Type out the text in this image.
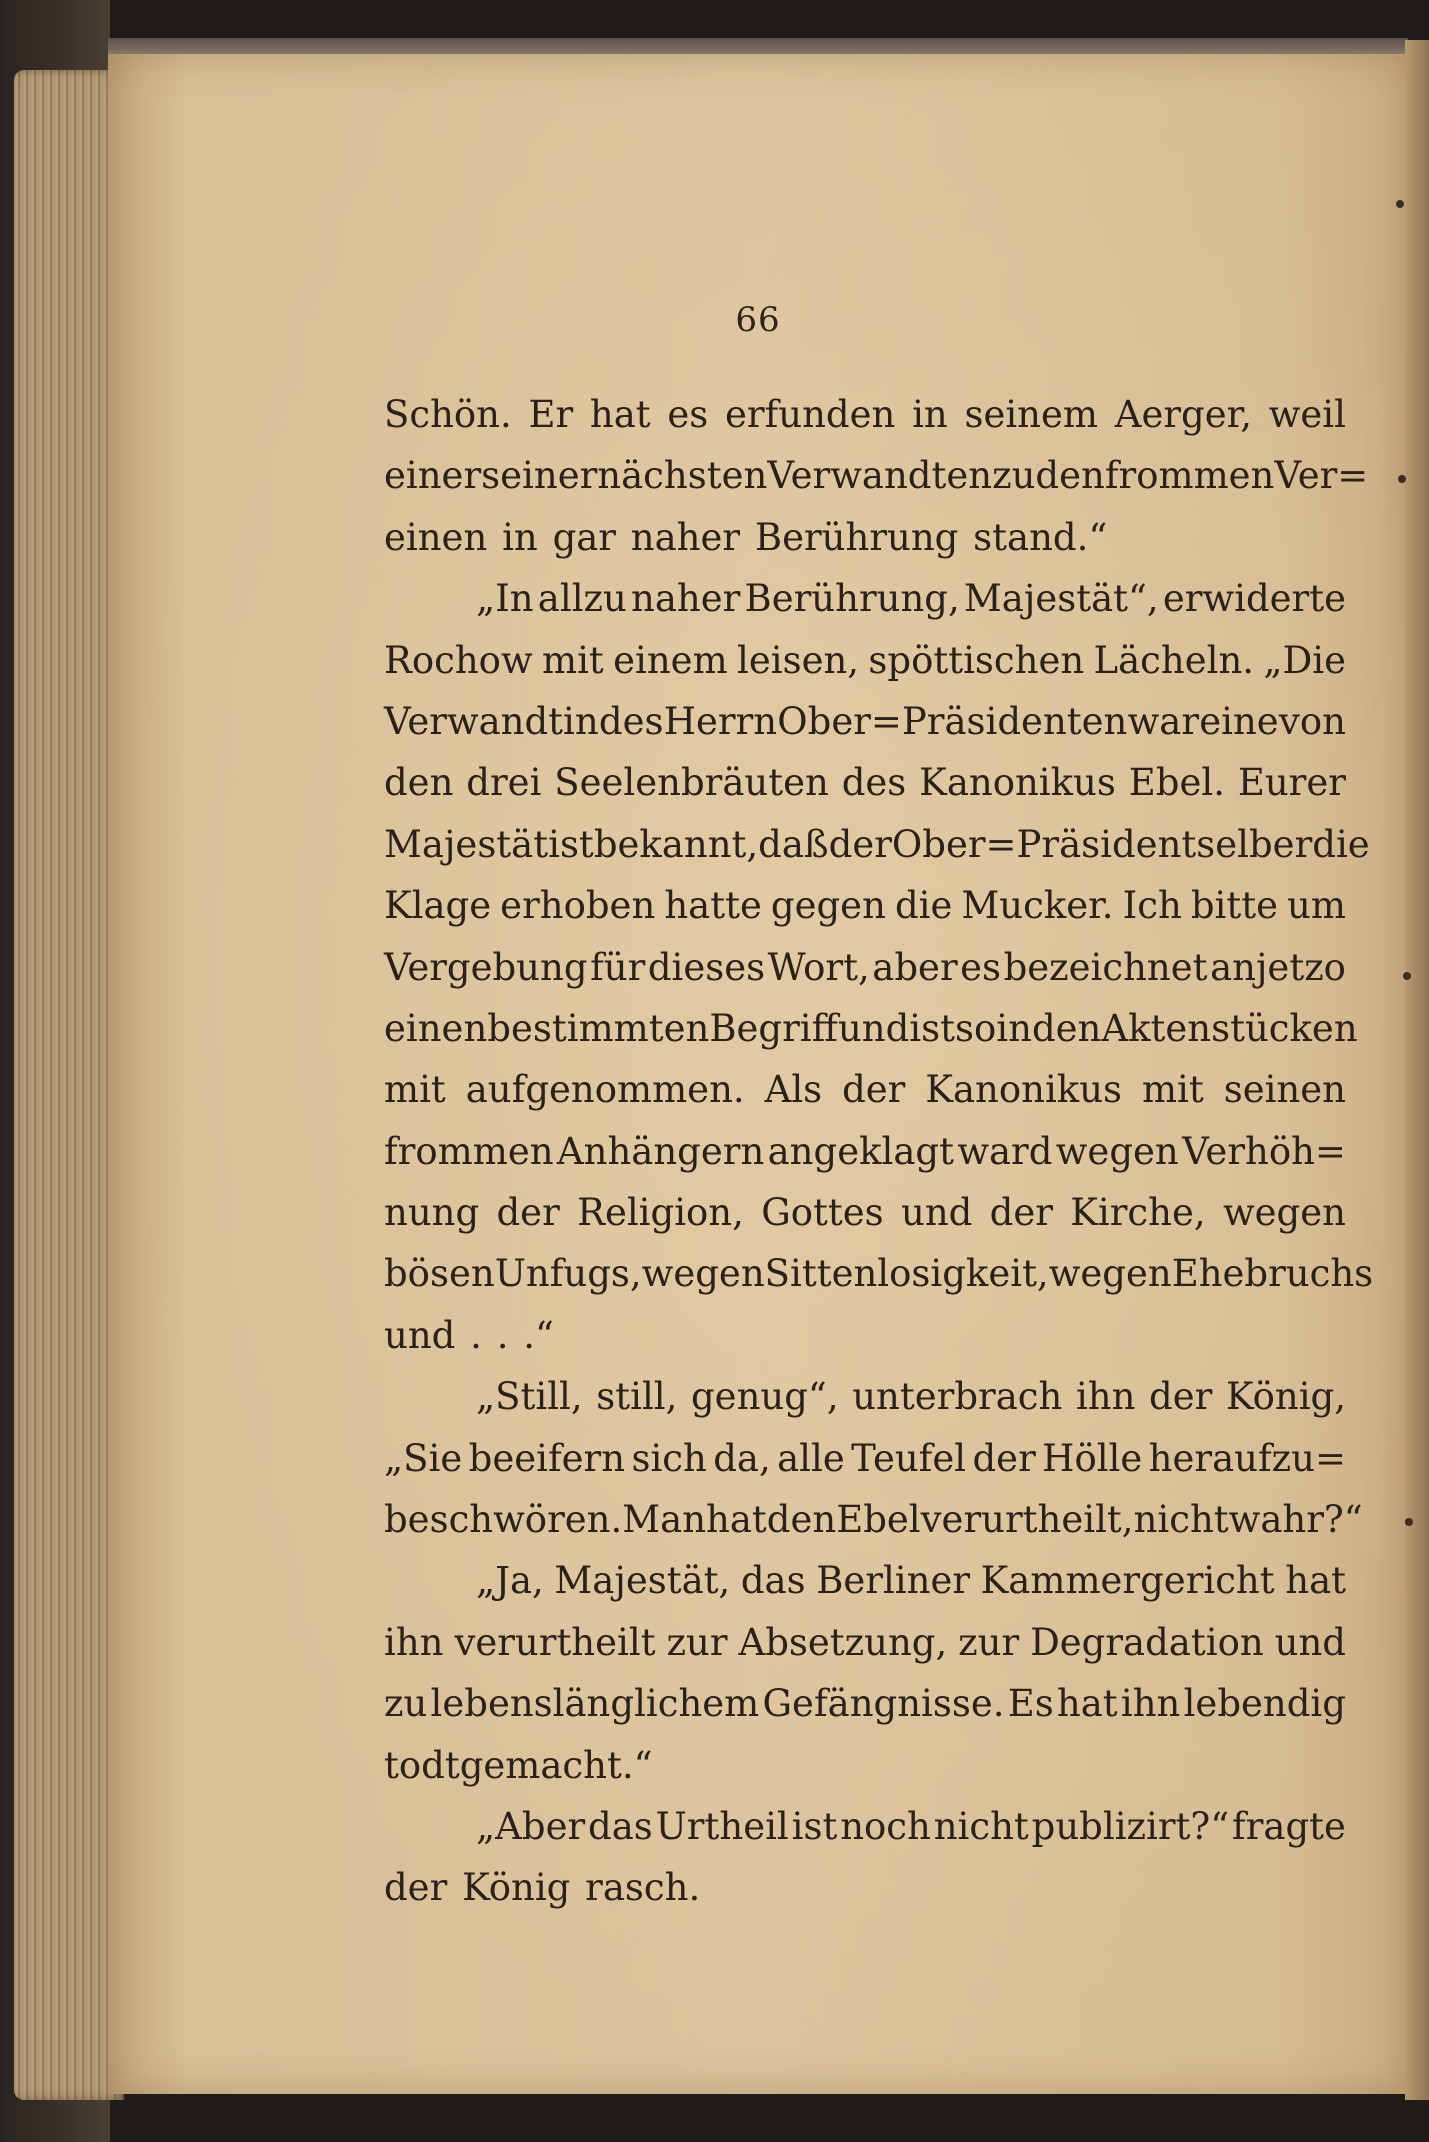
66
Schön. Er hat es erfunden in seinem Aerger, weil
einer seiner nächsten Verwandten zu den frommen Ver=
einen in gar naher Berührung stand.“
„In allzu naher Berührung, Majestät“, erwiderte
Rochow mit einem leisen, spöttischen Lächeln. „Die
Verwandtin des Herrn Ober=Präsidenten war eine von
den drei Seelenbräuten des Kanonikus Ebel. Eurer
Majestät ist bekannt, daß der Ober=Präsident selber die
Klage erhoben hatte gegen die Mucker. Ich bitte um
Vergebung für dieses Wort, aber es bezeichnet anjetzo
einen bestimmten Begriff und ist so in den Aktenstücken
mit aufgenommen. Als der Kanonikus mit seinen
frommen Anhängern angeklagt ward wegen Verhöh=
nung der Religion, Gottes und der Kirche, wegen
bösen Unfugs, wegen Sittenlosigkeit, wegen Ehebruchs
und . . .“
„Still, still, genug“, unterbrach ihn der König,
„Sie beeifern sich da, alle Teufel der Hölle heraufzu=
beschwören. Man hat den Ebel verurtheilt, nicht wahr?“
„Ja, Majestät, das Berliner Kammergericht hat
ihn verurtheilt zur Absetzung, zur Degradation und
zu lebenslänglichem Gefängnisse. Es hat ihn lebendig
todtgemacht.“
„Aber das Urtheil ist noch nicht publizirt?“ fragte
der König rasch.
